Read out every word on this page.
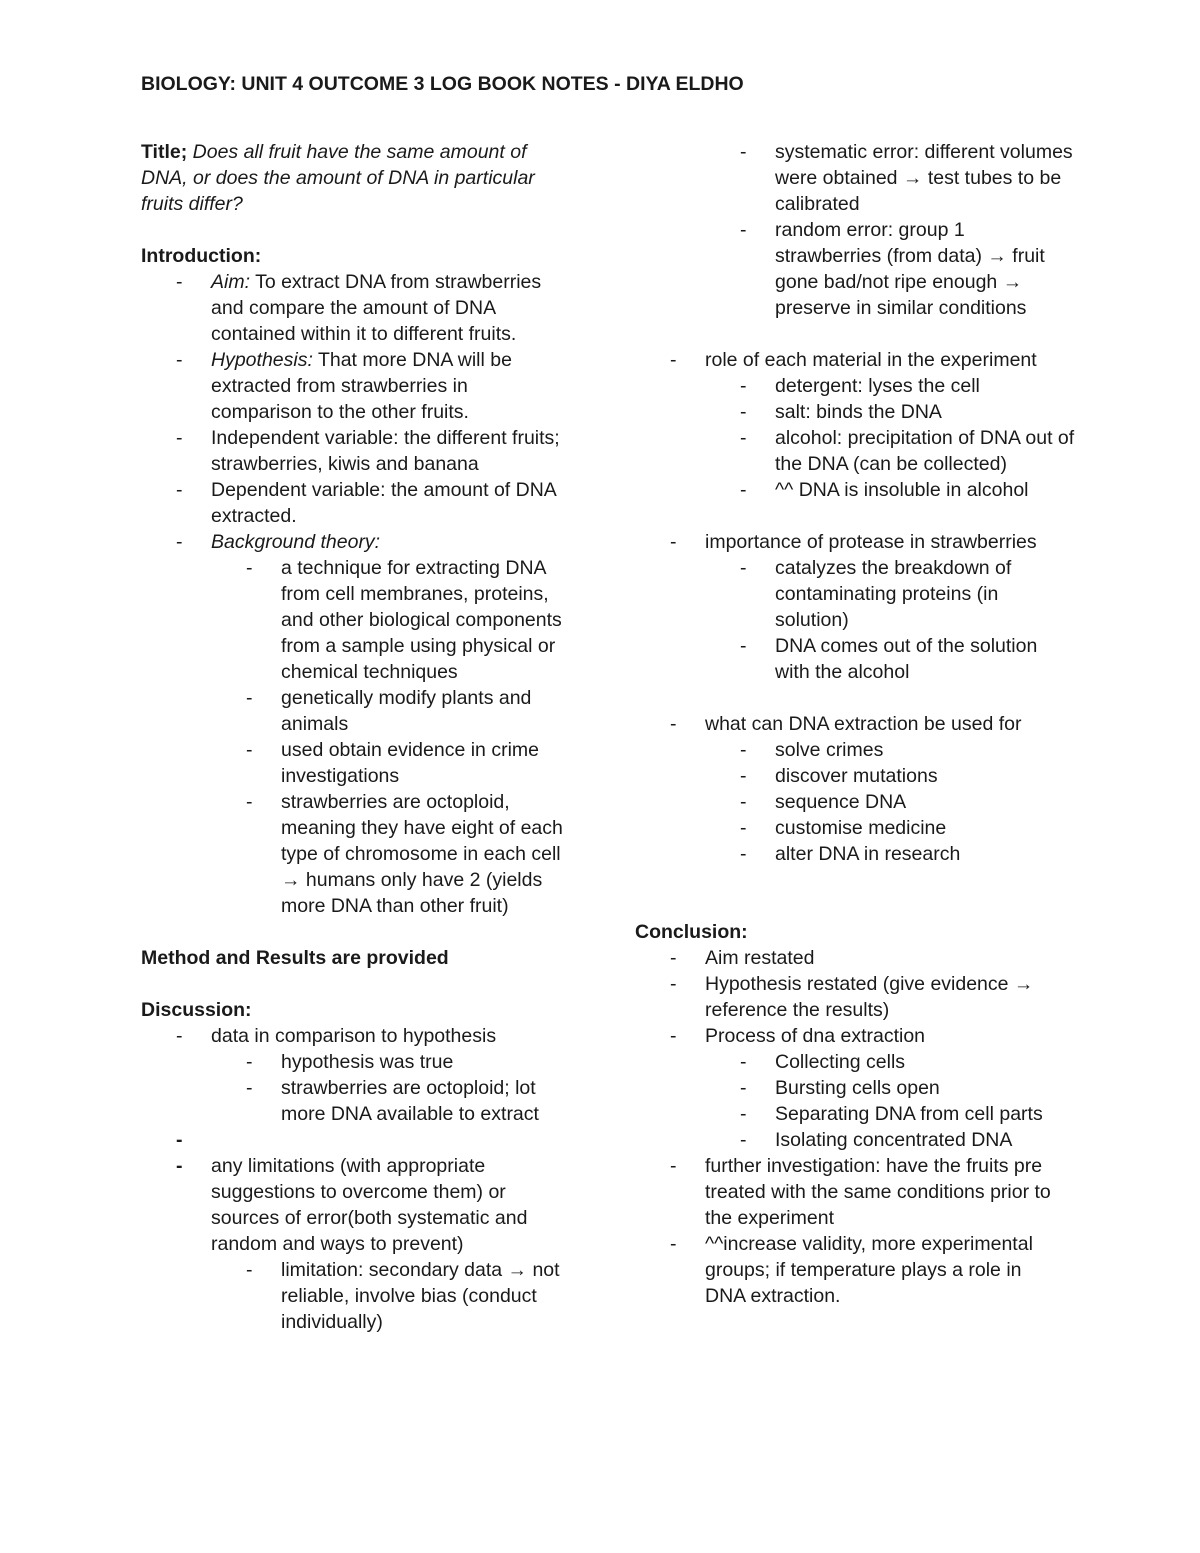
BIOLOGY: UNIT 4 OUTCOME 3 LOG BOOK NOTES - DIYA ELDHO

Title; Does all fruit have the same amount of DNA, or does the amount of DNA in particular fruits differ?

Introduction:

- Aim: To extract DNA from strawberries and compare the amount of DNA contained within it to different fruits.
- Hypothesis: That more DNA will be extracted from strawberries in comparison to the other fruits.
- Independent variable: the different fruits; strawberries, kiwis and banana
- Dependent variable: the amount of DNA extracted.
- Background theory:
- a technique for extracting DNA from cell membranes, proteins, and other biological components from a sample using physical or chemical techniques
- genetically modify plants and animals
- used obtain evidence in crime investigations
- strawberries are octoploid, meaning they have eight of each type of chromosome in each cell → humans only have 2 (yields more DNA than other fruit)

Method and Results are provided

Discussion:

- data in comparison to hypothesis
- hypothesis was true
- strawberries are octoploid; lot more DNA available to extract
-

- any limitations (with appropriate suggestions to overcome them) or sources of error(both systematic and random and ways to prevent)
- limitation: secondary data → not reliable, involve bias (conduct individually)
- systematic error: different volumes were obtained → test tubes to be calibrated
- random error: group 1 strawberries (from data) → fruit gone bad/not ripe enough → preserve in similar conditions
- role of each material in the experiment
- detergent: lyses the cell
- salt: binds the DNA
- alcohol: precipitation of DNA out of the DNA (can be collected)
- ^^ DNA is insoluble in alcohol
- importance of protease in strawberries
- catalyzes the breakdown of contaminating proteins (in solution)
- DNA comes out of the solution with the alcohol
- what can DNA extraction be used for
- solve crimes
- discover mutations
- sequence DNA
- customise medicine
- alter DNA in research

Conclusion:

- Aim restated
- Hypothesis restated (give evidence → reference the results)
- Process of dna extraction
- Collecting cells
- Bursting cells open
- Separating DNA from cell parts
- Isolating concentrated DNA
- further investigation: have the fruits pre treated with the same conditions prior to the experiment
- ^^increase validity, more experimental groups; if temperature plays a role in DNA extraction.
